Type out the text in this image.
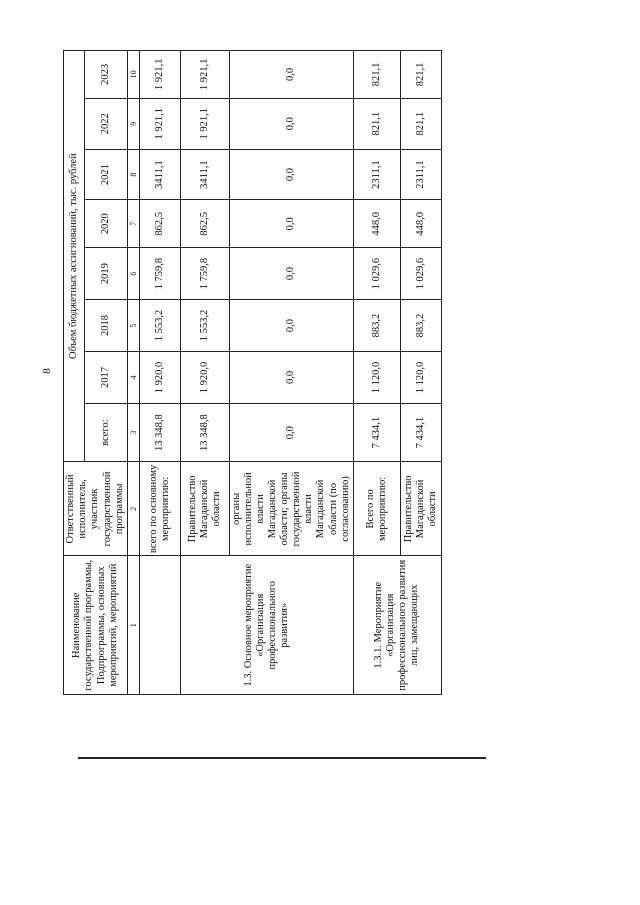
8
Наименование государственной программы, Подпрограммы, основных мероприятий, мероприятий	Ответственный исполнитель, участник государственной программы	Объем бюджетных ассигнований, тыс. рублей							
		всего:	2017	2018	2019	2020	2021	2022	2023
1	2	3	4	5	6	7	8	9	10
	всего по основному мероприятию:	13 348,8	1 920,0	1 553,2	1 759,8	862,5	3411,1	1 921,1	1 921,1
1.3. Основное мероприятие «Организация профессионального развития»	Правительство Магаданской области	13 348,8	1 920,0	1 553,2	1 759,8	862,5	3411,1	1 921,1	1 921,1
	органы исполнительной власти Магаданской области; органы государственной власти Магаданской области (по согласованию)	0,0	0,0	0,0	0,0	0,0	0,0	0,0	0,0
1.3.1. Мероприятие «Организация профессионального развития лиц, замещающих	Всего по мероприятию:	7 434,1	1 120,0	883,2	1 029,6	448,0	2311,1	821,1	821,1
	Правительство Магаданской области	7 434,1	1 120,0	883,2	1 029,6	448,0	2311,1	821,1	821,1
